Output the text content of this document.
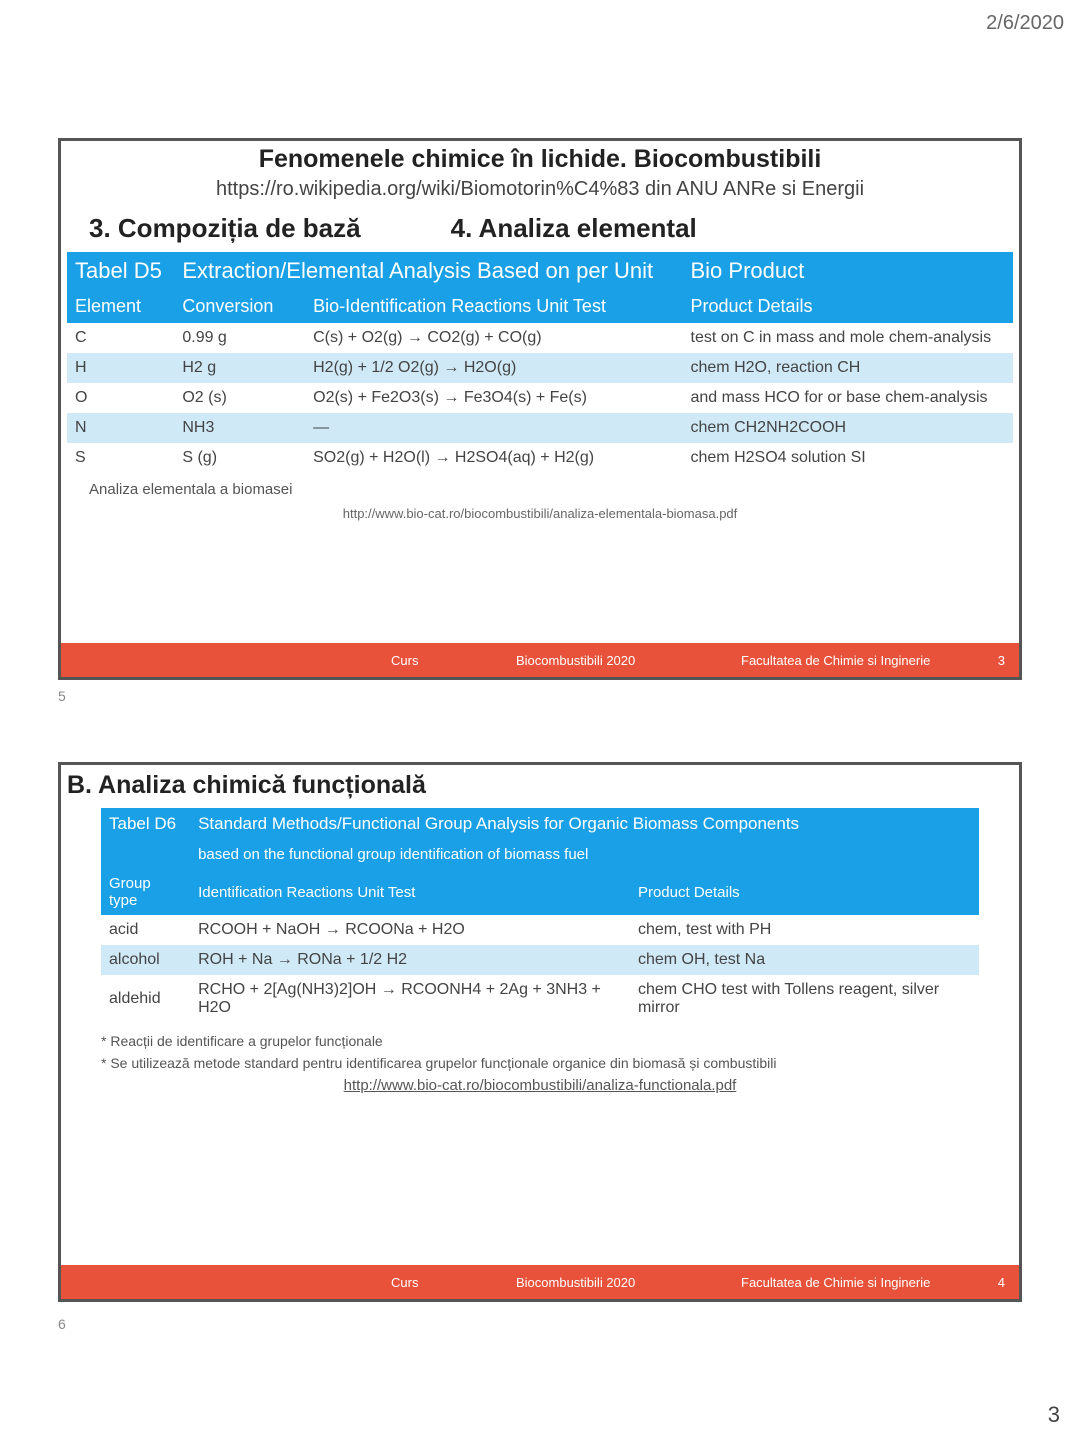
2/6/2020
Fenomenele chimice în lichide. Biocombustibili
https://ro.wikipedia.org/wiki/Biomotorin%C4%83 din ANU ANRe si Energii
3. Compoziția de bază	4. Analiza elemental
Tabel D5	Extraction/Elemental Analysis Based on per Unit		Bio Product
Element	Conversion	Bio-Identification Reactions Unit Test	Product Details
C	0.99 g	C(s) + O2(g) → CO2(g) + CO(g)	test on C in mass and mole chem-analysis
H	H2 g	H2(g) + 1/2 O2(g) → H2O(g)	chem H2O, reaction CH
O	O2 (s)	O2(s) + Fe2O3(s) → Fe3O4(s) + Fe(s)	and mass HCO for or base chem-analysis
N	NH3	—	chem CH2NH2COOH
S	S (g)	SO2(g) + H2O(l) → H2SO4(aq) + H2(g)	chem H2SO4 solution SI
Analiza elementala a biomasei
http://www.bio-cat.ro/biocombustibili/analiza-elementala-biomasa.pdf
Curs	Biocombustibili 2020	Facultatea de Chimie si Inginerie	3
5
B. Analiza chimică funcțională
Tabel D6	Standard Methods/Functional Group Analysis for Organic Biomass Components	
	based on the functional group identification of biomass fuel	
Group type	Identification Reactions Unit Test	Product Details
acid	RCOOH + NaOH → RCOONa + H2O	chem, test with PH
alcohol	ROH + Na → RONa + 1/2 H2	chem OH, test Na
aldehid	RCHO + 2[Ag(NH3)2]OH → RCOONH4 + 2Ag + 3NH3 + H2O	chem CHO test with Tollens reagent, silver mirror
* Reacții de identificare a grupelor funcționale
* Se utilizează metode standard pentru identificarea grupelor funcționale organice din biomasă și combustibili
http://www.bio-cat.ro/biocombustibili/analiza-functionala.pdf
Curs	Biocombustibili 2020	Facultatea de Chimie si Inginerie	4
6
3
